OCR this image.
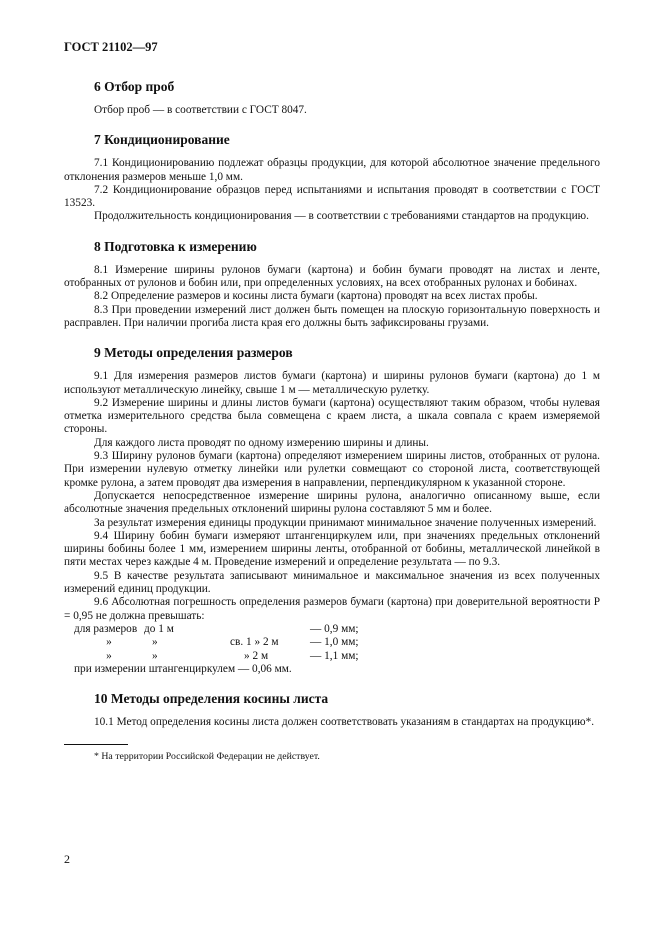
ГОСТ 21102—97
6 Отбор проб

Отбор проб — в соответствии с ГОСТ 8047.

7 Кондиционирование

7.1 Кондиционированию подлежат образцы продукции, для которой абсолютное значение предельного отклонения размеров меньше 1,0 мм.

7.2 Кондиционирование образцов перед испытаниями и испытания проводят в соответствии с ГОСТ 13523.

Продолжительность кондиционирования — в соответствии с требованиями стандартов на продукцию.

8 Подготовка к измерению

8.1 Измерение ширины рулонов бумаги (картона) и бобин бумаги проводят на листах и ленте, отобранных от рулонов и бобин или, при определенных условиях, на всех отобранных рулонах и бобинах.

8.2 Определение размеров и косины листа бумаги (картона) проводят на всех листах пробы.

8.3 При проведении измерений лист должен быть помещен на плоскую горизонтальную поверхность и расправлен. При наличии прогиба листа края его должны быть зафиксированы грузами.

9 Методы определения размеров

9.1 Для измерения размеров листов бумаги (картона) и ширины рулонов бумаги (картона) до 1 м используют металлическую линейку, свыше 1 м — металлическую рулетку.

9.2 Измерение ширины и длины листов бумаги (картона) осуществляют таким образом, чтобы нулевая отметка измерительного средства была совмещена с краем листа, а шкала совпала с краем измеряемой стороны.

Для каждого листа проводят по одному измерению ширины и длины.

9.3 Ширину рулонов бумаги (картона) определяют измерением ширины листов, отобранных от рулона. При измерении нулевую отметку линейки или рулетки совмещают со стороной листа, соответствующей кромке рулона, а затем проводят два измерения в направлении, перпендикулярном к указанной стороне.

Допускается непосредственное измерение ширины рулона, аналогично описанному выше, если абсолютные значения предельных отклонений ширины рулона составляют 5 мм и более.

За результат измерения единицы продукции принимают минимальное значение полученных измерений.

9.4 Ширину бобин бумаги измеряют штангенциркулем или, при значениях предельных отклонений ширины бобины более 1 мм, измерением ширины ленты, отобранной от бобины, металлической линейкой в пяти местах через каждые 4 м. Проведение измерений и определение результата — по 9.3.

9.5 В качестве результата записывают минимальное и максимальное значения из всех полученных измерений единиц продукции.

9.6 Абсолютная погрешность определения размеров бумаги (картона) при доверительной вероятности Р = 0,95 не должна превышать:

для размеров	до 1 м		— 0,9 мм;
»	»	св. 1 » 2 м	— 1,0 мм;
»	»	» 2 м	— 1,1 мм;

при измерении штангенциркулем — 0,06 мм.

10 Методы определения косины листа

10.1 Метод определения косины листа должен соответствовать указаниям в стандартах на продукцию*.

* На территории Российской Федерации не действует.
2
